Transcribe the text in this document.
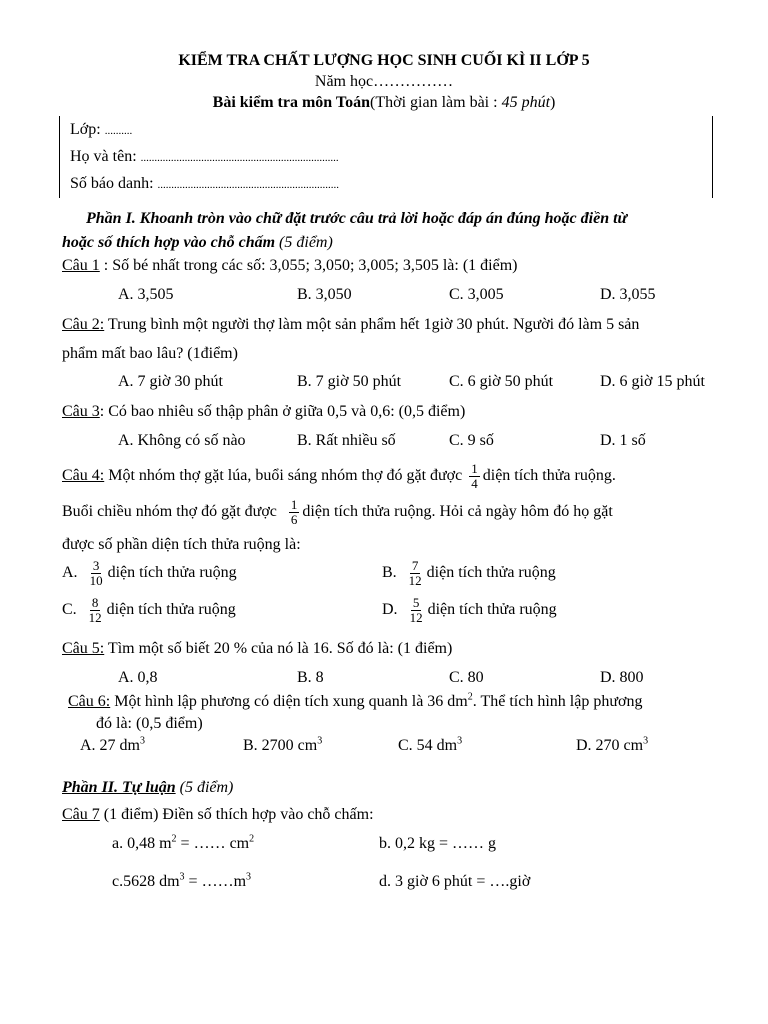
KIỂM TRA CHẤT LƯỢNG HỌC SINH CUỐI KÌ II LỚP 5
Năm học……………
Bài kiểm tra môn Toán(Thời gian làm bài : 45 phút)
Lớp: ..........
Họ và tên: ........................................................................
Số báo danh: ..................................................................
Phần I. Khoanh tròn vào chữ đặt trước câu trả lời hoặc đáp án đúng hoặc điền từ
hoặc số thích hợp vào chỗ chấm (5 điểm)
Câu 1 : Số bé nhất trong các số: 3,055; 3,050; 3,005; 3,505 là: (1 điểm)
A. 3,505	B. 3,050	C. 3,005	D. 3,055
Câu 2: Trung bình một người thợ làm một sản phẩm hết 1giờ 30 phút. Người đó làm 5 sản
phẩm mất bao lâu? (1điểm)
A. 7 giờ 30 phút	B. 7 giờ 50 phút	C. 6 giờ 50 phút	D. 6 giờ 15 phút
Câu 3: Có bao nhiêu số thập phân ở giữa 0,5 và 0,6: (0,5 điểm)
A. Không có số nào	B. Rất nhiều số	C. 9 số	D. 1 số
Câu 4: Một nhóm thợ gặt lúa, buổi sáng nhóm thợ đó gặt được $\frac{1}{4}$ diện tích thửa ruộng.
Buổi chiều nhóm thợ đó gặt được $\frac{1}{6}$ diện tích thửa ruộng. Hỏi cả ngày hôm đó họ gặt
được số phần diện tích thửa ruộng là:
A. $\frac{3}{10}$ diện tích thửa ruộng	B. $\frac{7}{12}$ diện tích thửa ruộng
C. $\frac{8}{12}$ diện tích thửa ruộng	D. $\frac{5}{12}$ diện tích thửa ruộng
Câu 5: Tìm một số biết 20 % của nó là 16. Số đó là: (1 điểm)
A. 0,8	B. 8	C. 80	D. 800
Câu 6: Một hình lập phương có diện tích xung quanh là 36 $dm^2$. Thể tích hình lập phương
đó là: (0,5 điểm)
A. 27 $dm^3$	B. 2700 $cm^3$	C. 54 $dm^3$	D. 270 $cm^3$
Phần II. Tự luận (5 điểm)
Câu 7 (1 điểm) Điền số thích hợp vào chỗ chấm:
a. 0,48 $m^2$ = …… $cm^2$	b. 0,2 kg = …… g
c.5628 $dm^3$ = $\dots\dots m^3$	d. 3 giờ 6 phút = ….giờ
